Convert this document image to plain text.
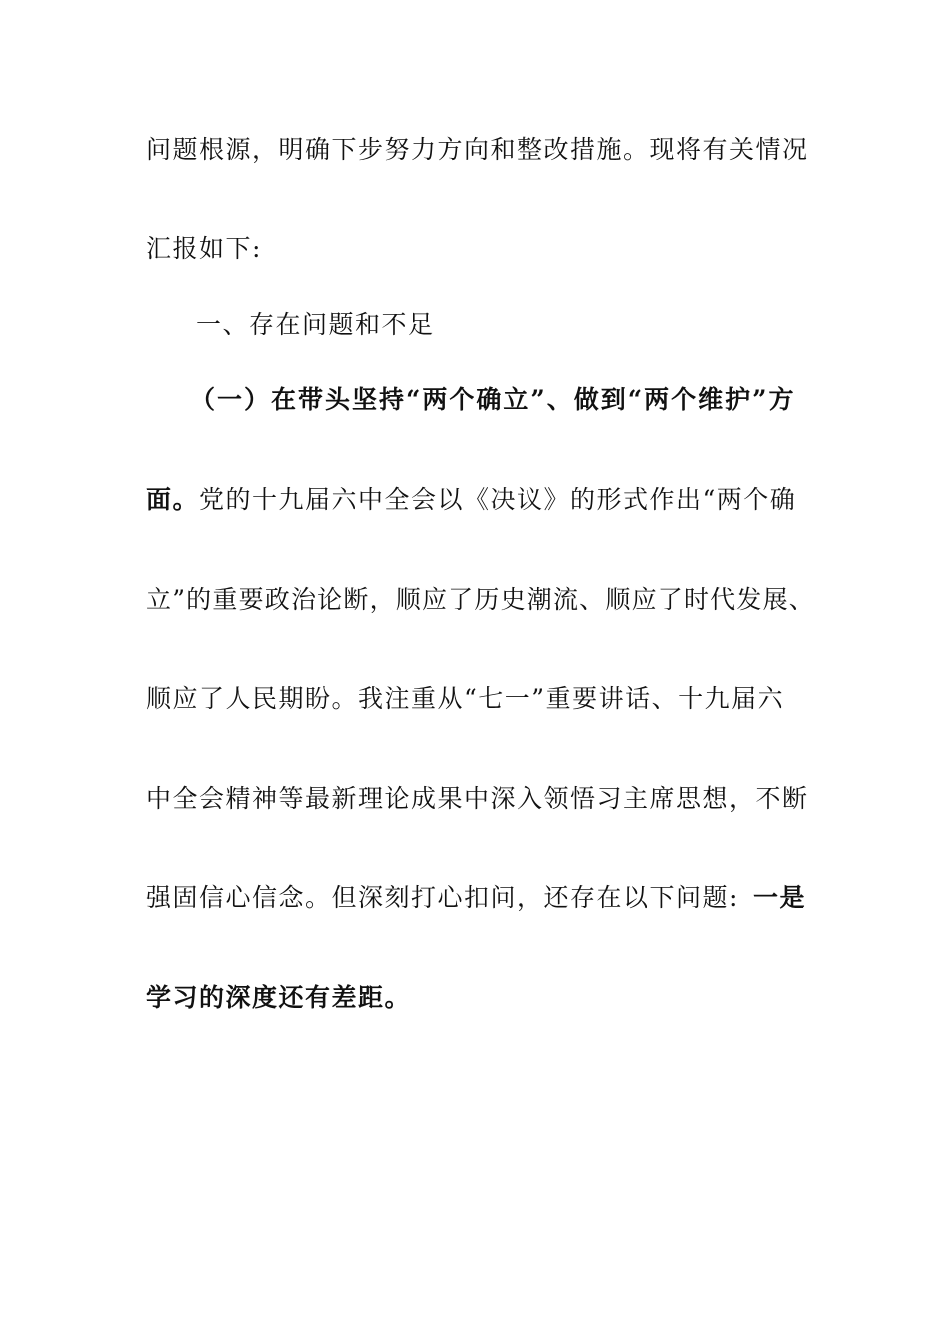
问题根源，明确下步努力方向和整改措施。现将有关情况
汇报如下:
一、存在问题和不足
（一）在带头坚持“两个确立”、做到“两个维护”方
面。党的十九届六中全会以《决议》的形式作出“两个确
立”的重要政治论断，顺应了历史潮流、顺应了时代发展、
顺应了人民期盼。我注重从“七一”重要讲话、十九届六
中全会精神等最新理论成果中深入领悟习主席思想，不断
强固信心信念。但深刻打心扣问，还存在以下问题: 一是
学习的深度还有差距。
